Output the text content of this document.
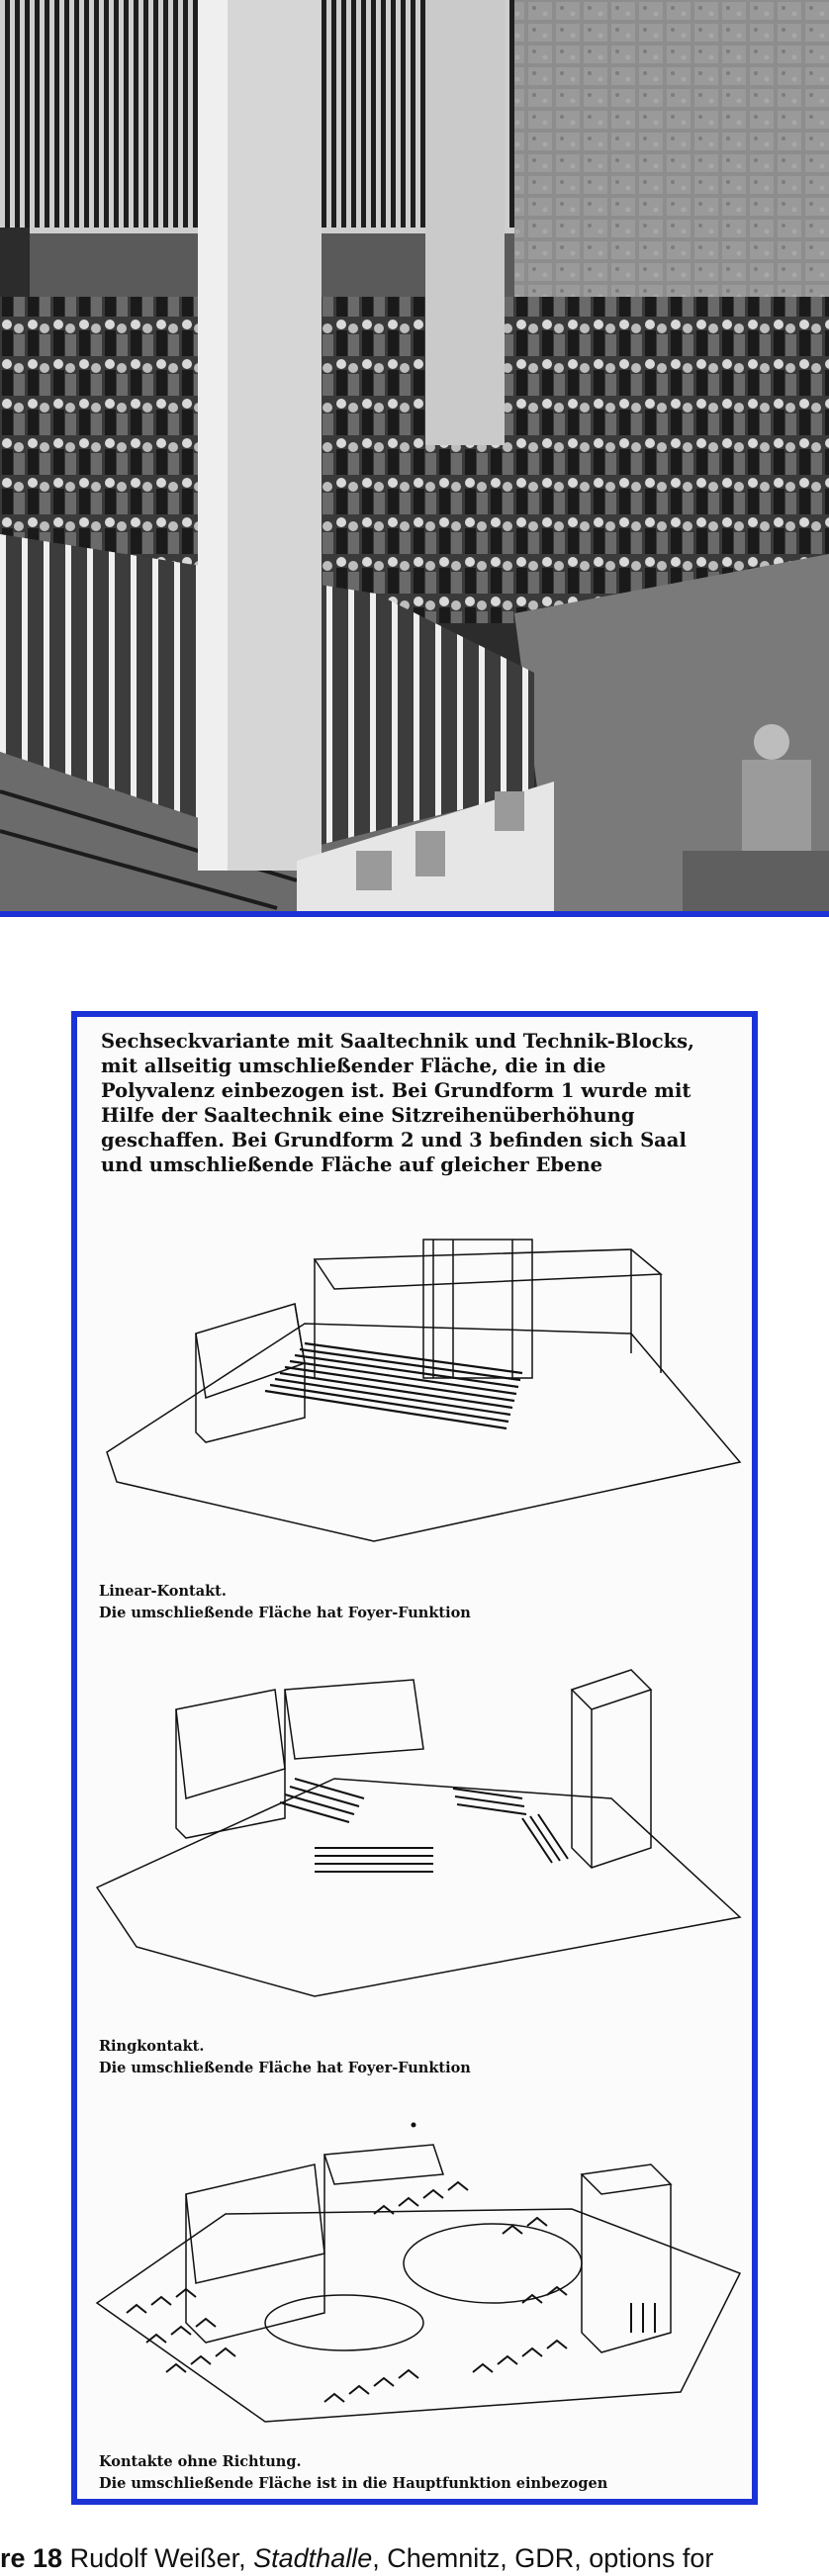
Sechseckvariante mit Saaltechnik und Technik-Blocks,
mit allseitig umschließender Fläche, die in die
Polyvalenz einbezogen ist. Bei Grundform 1 wurde mit
Hilfe der Saaltechnik eine Sitzreihenüberhöhung
geschaffen. Bei Grundform 2 und 3 befinden sich Saal
und umschließende Fläche auf gleicher Ebene
Linear-Kontakt.
Die umschließende Fläche hat Foyer-Funktion
Ringkontakt.
Die umschließende Fläche hat Foyer-Funktion
Kontakte ohne Richtung.
Die umschließende Fläche ist in die Hauptfunktion einbezogen
re 18 Rudolf Weißer, Stadthalle, Chemnitz, GDR, options for
